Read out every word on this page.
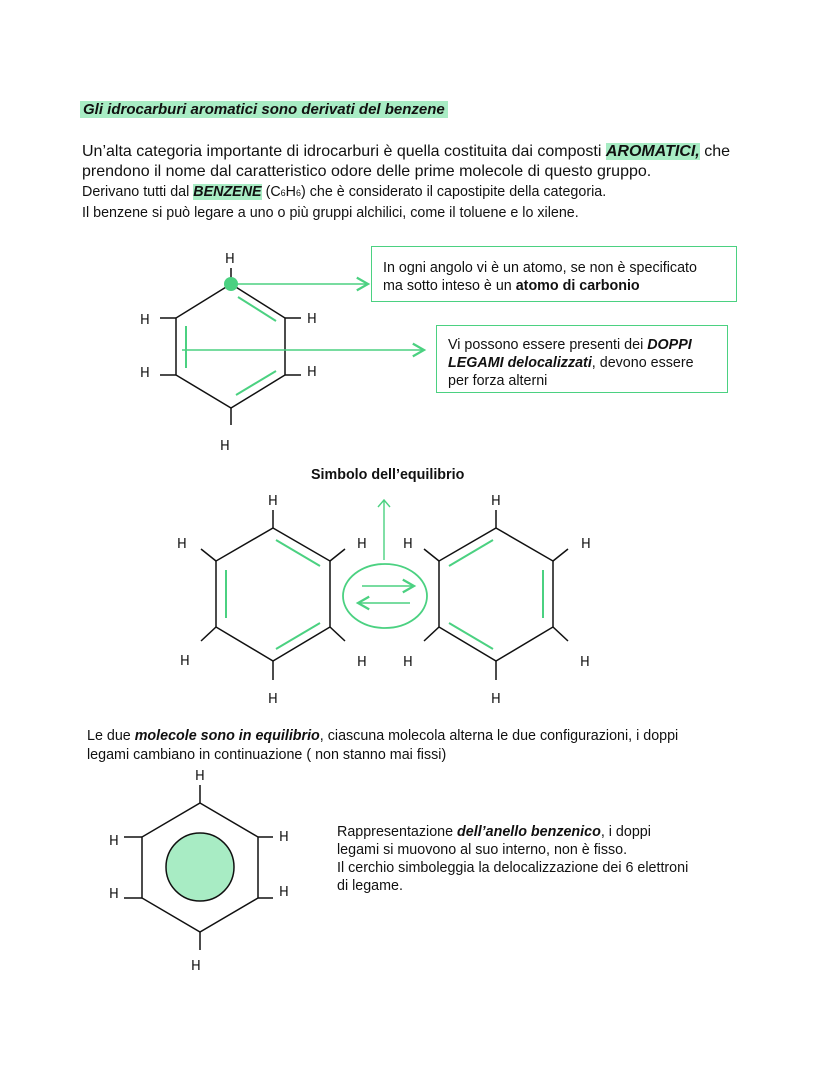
Gli idrocarburi aromatici sono derivati del benzene
Un’alta categoria importante di idrocarburi è quella costituita dai composti AROMATICI, che
prendono il nome dal caratteristico odore delle prime molecole di questo gruppo.
Derivano tutti dal BENZENE (C6H6) che è considerato il capostipite della categoria.
Il benzene si può legare a uno o più gruppi alchilici, come il toluene e lo xilene.
H
H
H
H
H
H
H
H	H
H	H
H
H
H	H
H	H
H
H
H
H
H
H
H
In ogni angolo vi è un atomo, se non è specificato
ma sotto inteso è un atomo di carbonio
Vi possono essere presenti dei DOPPI
LEGAMI delocalizzati, devono essere
per forza alterni
Simbolo dell’equilibrio
Le due molecole sono in equilibrio, ciascuna molecola alterna le due configurazioni, i doppi
legami cambiano in continuazione ( non stanno mai fissi)
Rappresentazione dell’anello benzenico, i doppi
legami si muovono al suo interno, non è fisso.
Il cerchio simboleggia la delocalizzazione dei 6 elettroni
di legame.
